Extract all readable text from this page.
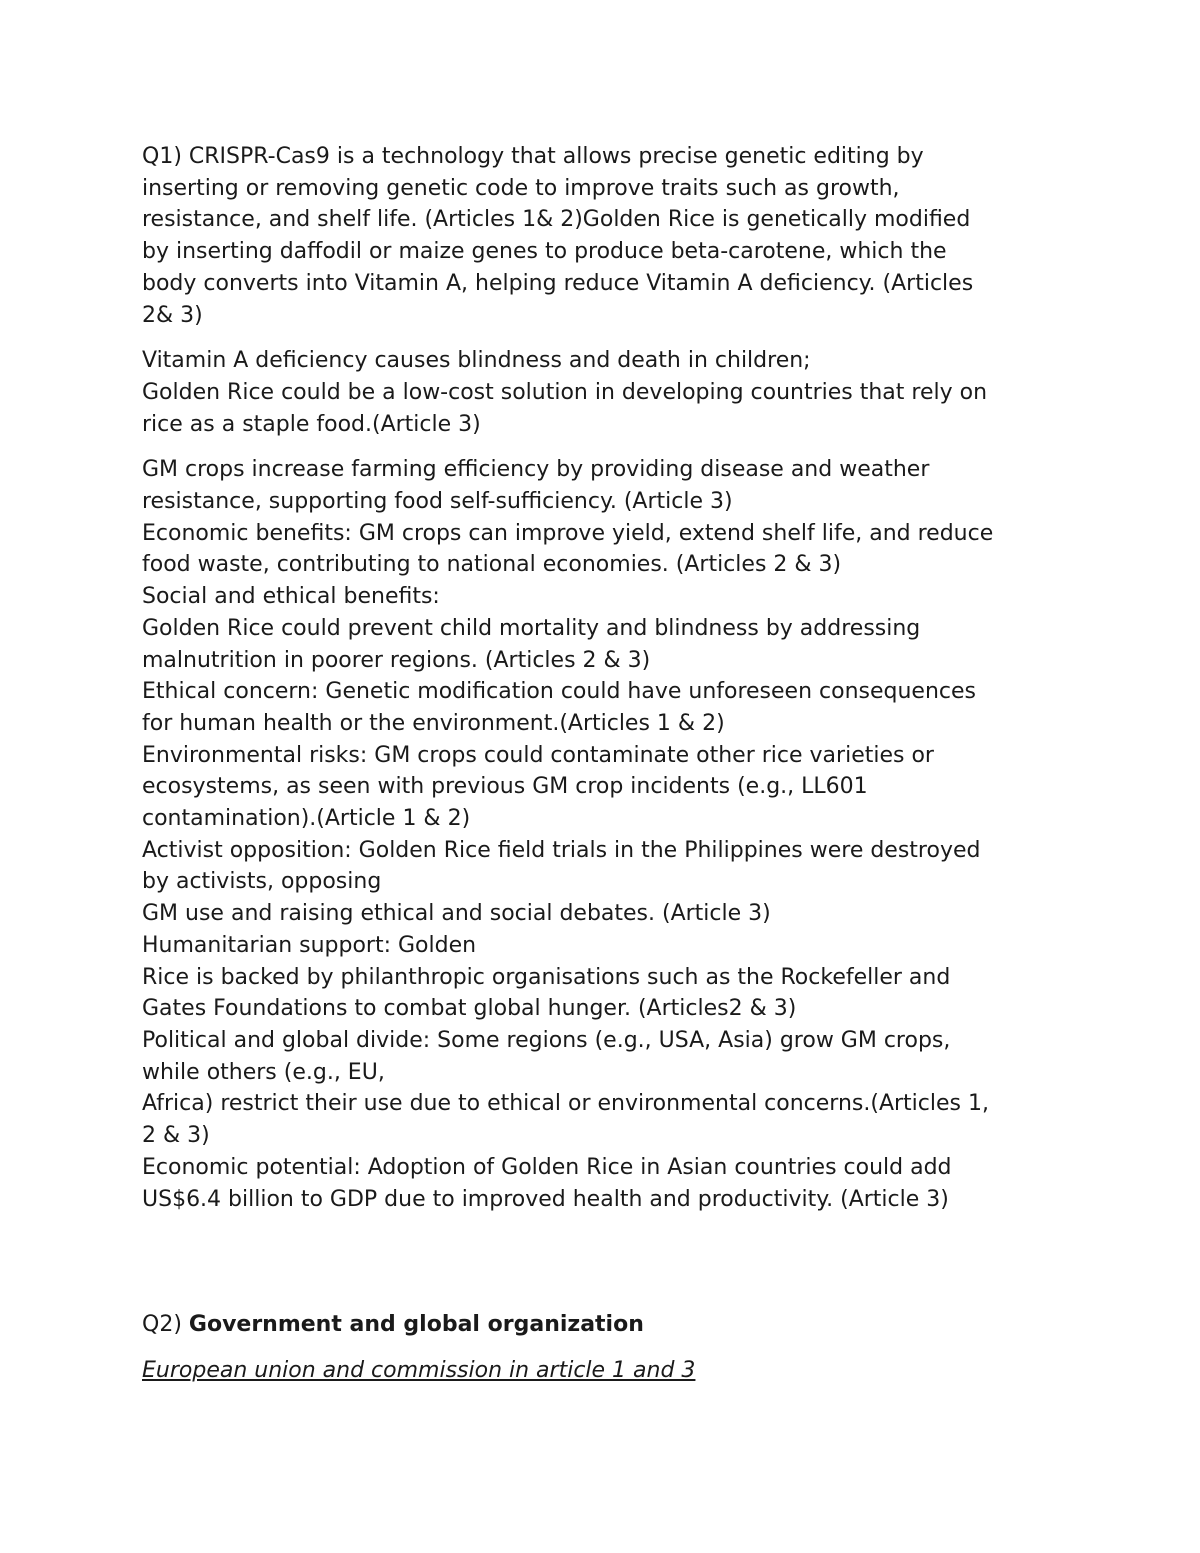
Q1) CRISPR-Cas9 is a technology that allows precise genetic editing by
inserting or removing genetic code to improve traits such as growth,
resistance, and shelf life. (Articles 1& 2)Golden Rice is genetically modified
by inserting daffodil or maize genes to produce beta-carotene, which the
body converts into Vitamin A, helping reduce Vitamin A deficiency. (Articles
2& 3)
Vitamin A deficiency causes blindness and death in children;
Golden Rice could be a low-cost solution in developing countries that rely on
rice as a staple food.(Article 3)
GM crops increase farming efficiency by providing disease and weather
resistance, supporting food self-sufficiency. (Article 3)
Economic benefits: GM crops can improve yield, extend shelf life, and reduce
food waste, contributing to national economies. (Articles 2 & 3)
Social and ethical benefits:
Golden Rice could prevent child mortality and blindness by addressing
malnutrition in poorer regions. (Articles 2 & 3)
Ethical concern: Genetic modification could have unforeseen consequences
for human health or the environment.(Articles 1 & 2)
Environmental risks: GM crops could contaminate other rice varieties or
ecosystems, as seen with previous GM crop incidents (e.g., LL601
contamination).(Article 1 & 2)
Activist opposition: Golden Rice field trials in the Philippines were destroyed
by activists, opposing
GM use and raising ethical and social debates. (Article 3)
Humanitarian support: Golden
Rice is backed by philanthropic organisations such as the Rockefeller and
Gates Foundations to combat global hunger. (Articles2 & 3)
Political and global divide: Some regions (e.g., USA, Asia) grow GM crops,
while others (e.g., EU,
Africa) restrict their use due to ethical or environmental concerns.(Articles 1,
2 & 3)
Economic potential: Adoption of Golden Rice in Asian countries could add
US$6.4 billion to GDP due to improved health and productivity. (Article 3)
Q2) Government and global organization
European union and commission in article 1 and 3
